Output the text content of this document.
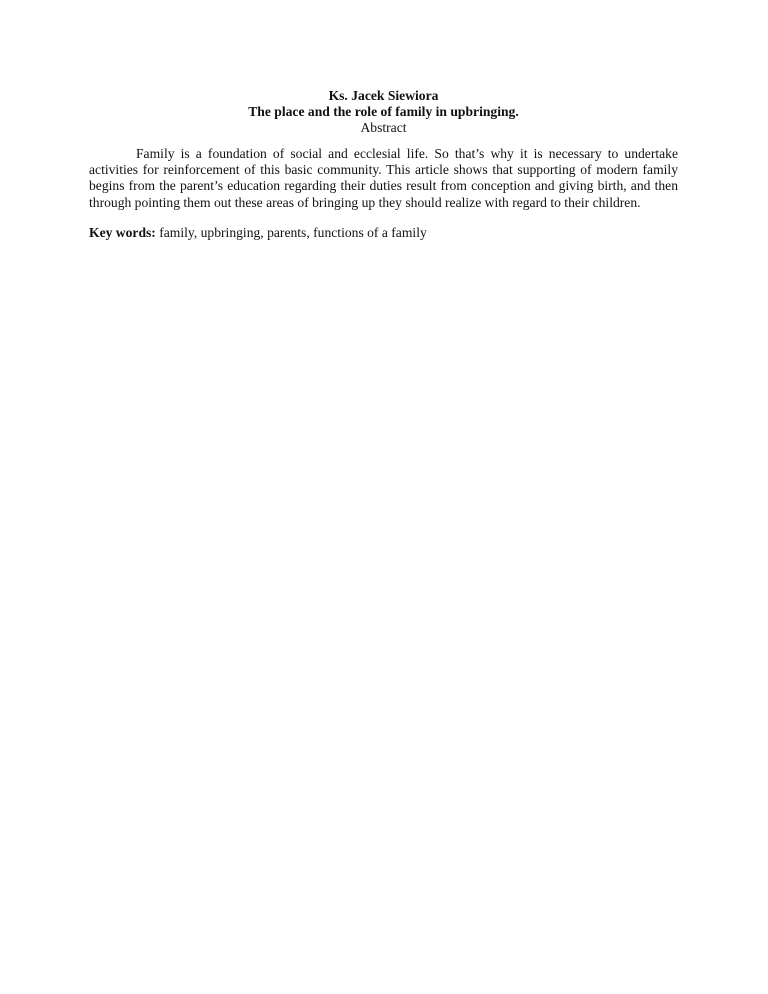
Ks. Jacek Siewiora
The place and the role of family in upbringing.
Abstract

Family is a foundation of social and ecclesial life. So that’s why it is necessary to undertake activities for reinforcement of this basic community. This article shows that supporting of modern family begins from the parent’s education regarding their duties result from conception and giving birth, and then through pointing them out these areas of bringing up they should realize with regard to their children.

Key words: family, upbringing, parents, functions of a family
